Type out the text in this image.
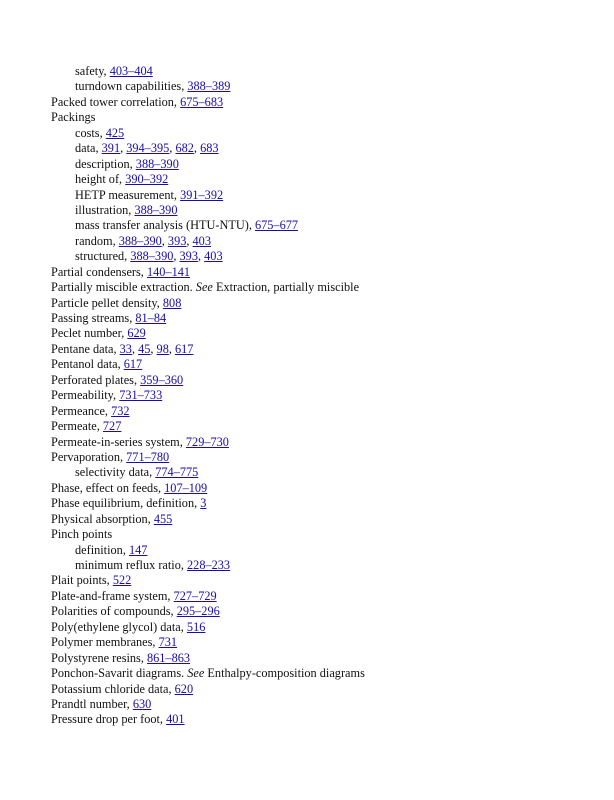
safety, 403–404
turndown capabilities, 388–389
Packed tower correlation, 675–683
Packings
costs, 425
data, 391, 394–395, 682, 683
description, 388–390
height of, 390–392
HETP measurement, 391–392
illustration, 388–390
mass transfer analysis (HTU-NTU), 675–677
random, 388–390, 393, 403
structured, 388–390, 393, 403
Partial condensers, 140–141
Partially miscible extraction. See Extraction, partially miscible
Particle pellet density, 808
Passing streams, 81–84
Peclet number, 629
Pentane data, 33, 45, 98, 617
Pentanol data, 617
Perforated plates, 359–360
Permeability, 731–733
Permeance, 732
Permeate, 727
Permeate-in-series system, 729–730
Pervaporation, 771–780
selectivity data, 774–775
Phase, effect on feeds, 107–109
Phase equilibrium, definition, 3
Physical absorption, 455
Pinch points
definition, 147
minimum reflux ratio, 228–233
Plait points, 522
Plate-and-frame system, 727–729
Polarities of compounds, 295–296
Poly(ethylene glycol) data, 516
Polymer membranes, 731
Polystyrene resins, 861–863
Ponchon-Savarit diagrams. See Enthalpy-composition diagrams
Potassium chloride data, 620
Prandtl number, 630
Pressure drop per foot, 401
